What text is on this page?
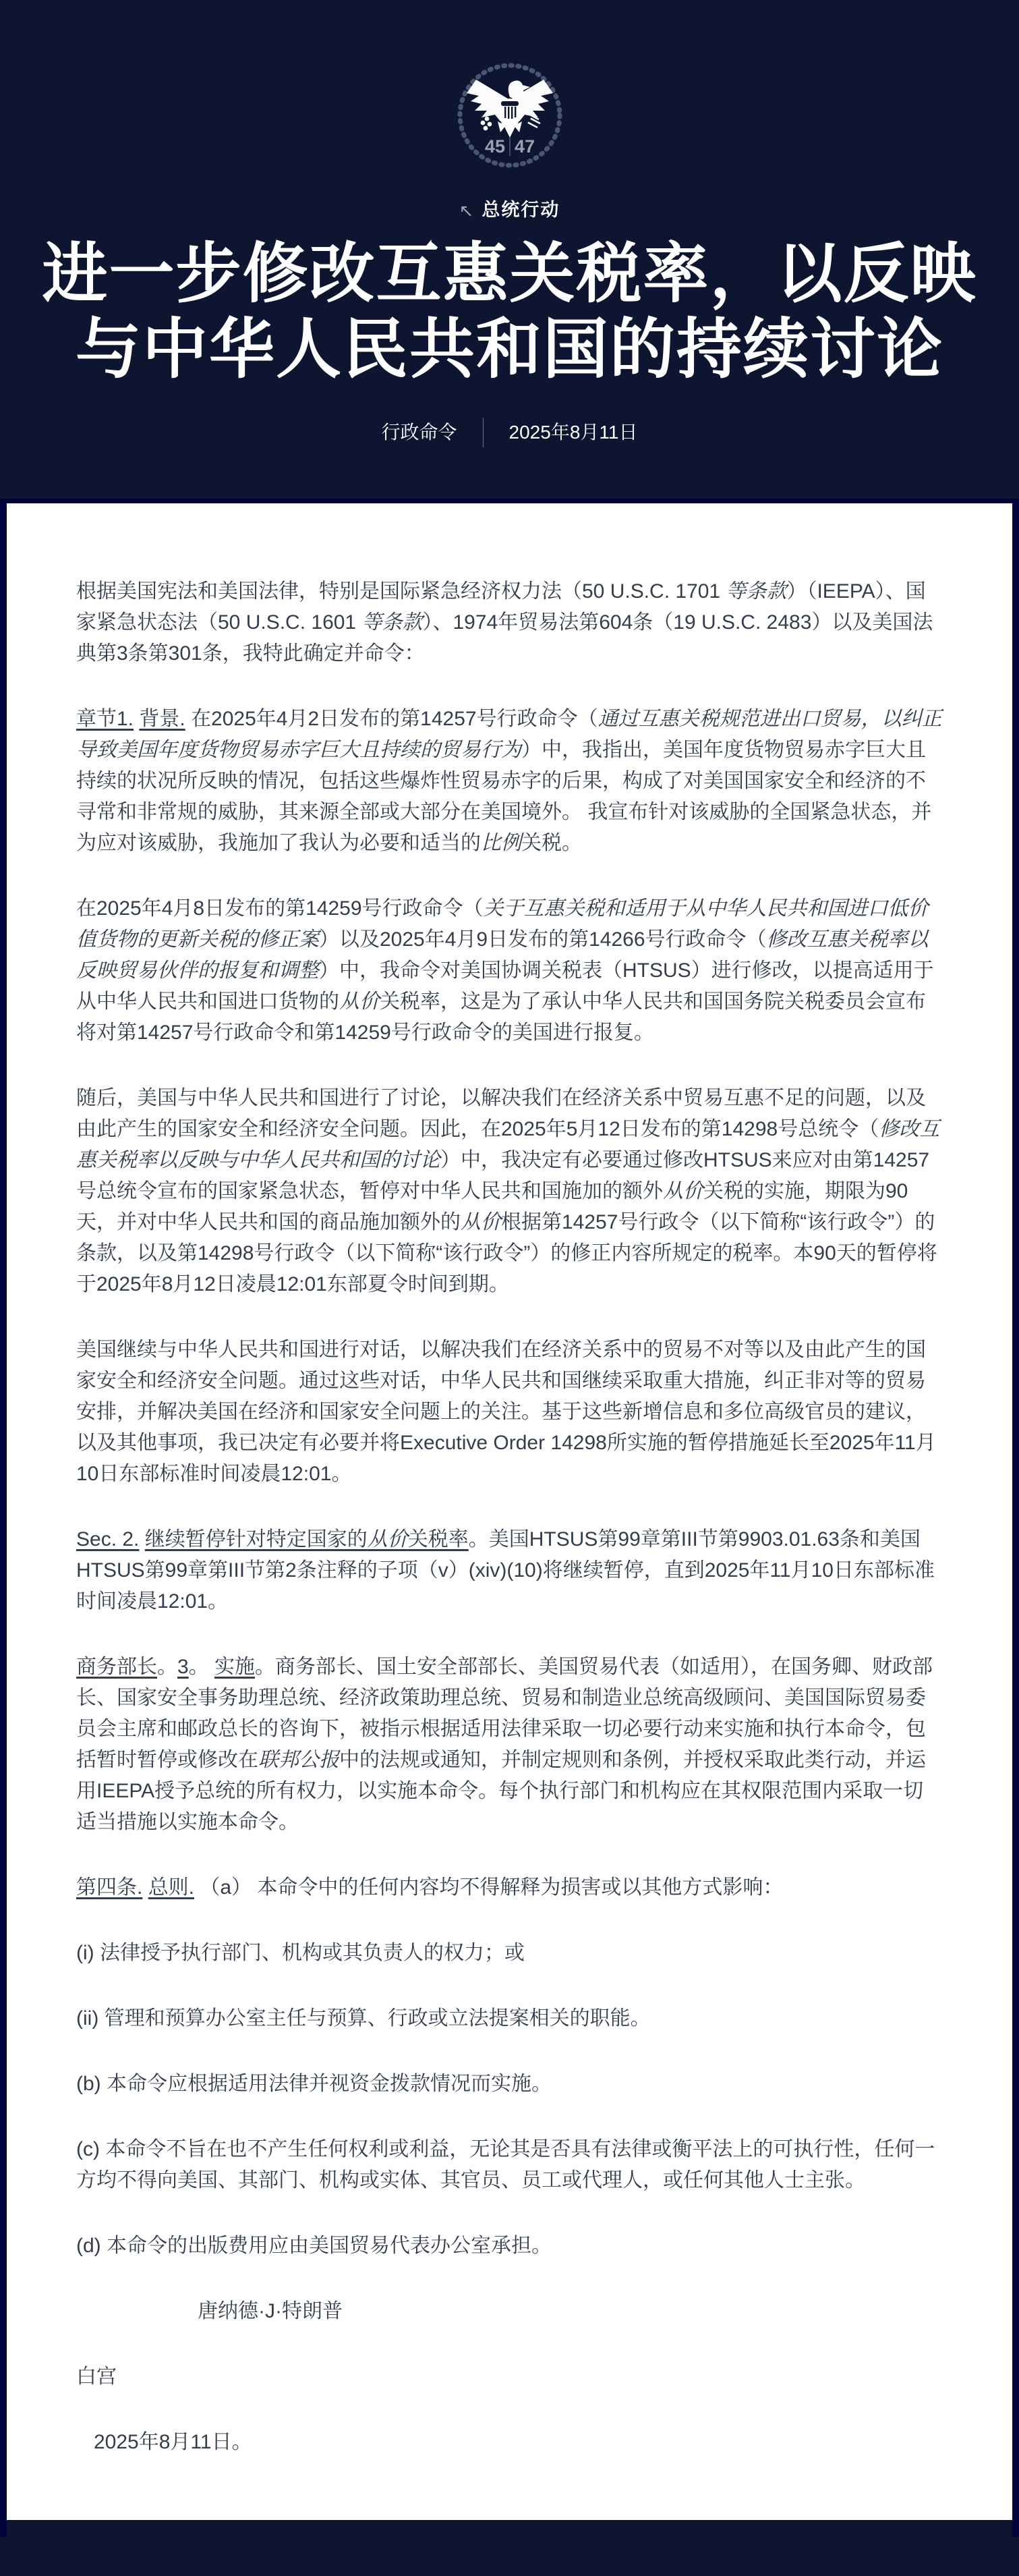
45 47
↖ 总统行动
进一步修改互惠关税率，以反映与中华人民共和国的持续讨论
行政命令	2025年8月11日

根据美国宪法和美国法律，特别是国际紧急经济权力法（50 U.S.C. 1701 等条款）（IEEPA）、国家紧急状态法（50 U.S.C. 1601 等条款）、1974年贸易法第604条（19 U.S.C. 2483）以及美国法典第3条第301条，我特此确定并命令：

章节1. 背景. 在2025年4月2日发布的第14257号行政命令（通过互惠关税规范进出口贸易，以纠正导致美国年度货物贸易赤字巨大且持续的贸易行为）中，我指出，美国年度货物贸易赤字巨大且持续的状况所反映的情况，包括这些爆炸性贸易赤字的后果，构成了对美国国家安全和经济的不寻常和非常规的威胁，其来源全部或大部分在美国境外。 我宣布针对该威胁的全国紧急状态，并为应对该威胁，我施加了我认为必要和适当的比例关税。

在2025年4月8日发布的第14259号行政命令（关于互惠关税和适用于从中华人民共和国进口低价值货物的更新关税的修正案）以及2025年4月9日发布的第14266号行政命令（修改互惠关税率以反映贸易伙伴的报复和调整）中，我命令对美国协调关税表（HTSUS）进行修改，以提高适用于从中华人民共和国进口货物的从价关税率，这是为了承认中华人民共和国国务院关税委员会宣布将对第14257号行政命令和第14259号行政命令的美国进行报复。

随后，美国与中华人民共和国进行了讨论，以解决我们在经济关系中贸易互惠不足的问题，以及由此产生的国家安全和经济安全问题。因此，在2025年5月12日发布的第14298号总统令（修改互惠关税率以反映与中华人民共和国的讨论）中，我决定有必要通过修改HTSUS来应对由第14257号总统令宣布的国家紧急状态，暂停对中华人民共和国施加的额外从价关税的实施，期限为90天，并对中华人民共和国的商品施加额外的从价根据第14257号行政令（以下简称“该行政令”）的条款，以及第14298号行政令（以下简称“该行政令”）的修正内容所规定的税率。本90天的暂停将于2025年8月12日凌晨12:01东部夏令时间到期。

美国继续与中华人民共和国进行对话，以解决我们在经济关系中的贸易不对等以及由此产生的国家安全和经济安全问题。通过这些对话，中华人民共和国继续采取重大措施，纠正非对等的贸易安排，并解决美国在经济和国家安全问题上的关注。基于这些新增信息和多位高级官员的建议，以及其他事项，我已决定有必要并将Executive Order 14298所实施的暂停措施延长至2025年11月10日东部标准时间凌晨12:01。

Sec. 2. 继续暂停针对特定国家的从价关税率。美国HTSUS第99章第III节第9903.01.63条和美国HTSUS第99章第III节第2条注释的子项（v）(xiv)(10)将继续暂停，直到2025年11月10日东部标准时间凌晨12:01。

商务部长。3。 实施。商务部长、国土安全部部长、美国贸易代表（如适用），在国务卿、财政部长、国家安全事务助理总统、经济政策助理总统、贸易和制造业总统高级顾问、美国国际贸易委员会主席和邮政总长的咨询下，被指示根据适用法律采取一切必要行动来实施和执行本命令，包括暂时暂停或修改在联邦公报中的法规或通知，并制定规则和条例，并授权采取此类行动，并运用IEEPA授予总统的所有权力，以实施本命令。每个执行部门和机构应在其权限范围内采取一切适当措施以实施本命令。

第四条. 总则. （a） 本命令中的任何内容均不得解释为损害或以其他方式影响：

(i) 法律授予执行部门、机构或其负责人的权力；或

(ii) 管理和预算办公室主任与预算、行政或立法提案相关的职能。

(b) 本命令应根据适用法律并视资金拨款情况而实施。

(c) 本命令不旨在也不产生任何权利或利益，无论其是否具有法律或衡平法上的可执行性，任何一方均不得向美国、其部门、机构或实体、其官员、员工或代理人，或任何其他人士主张。

(d) 本命令的出版费用应由美国贸易代表办公室承担。

唐纳德·J·特朗普

白宫

2025年8月11日。
